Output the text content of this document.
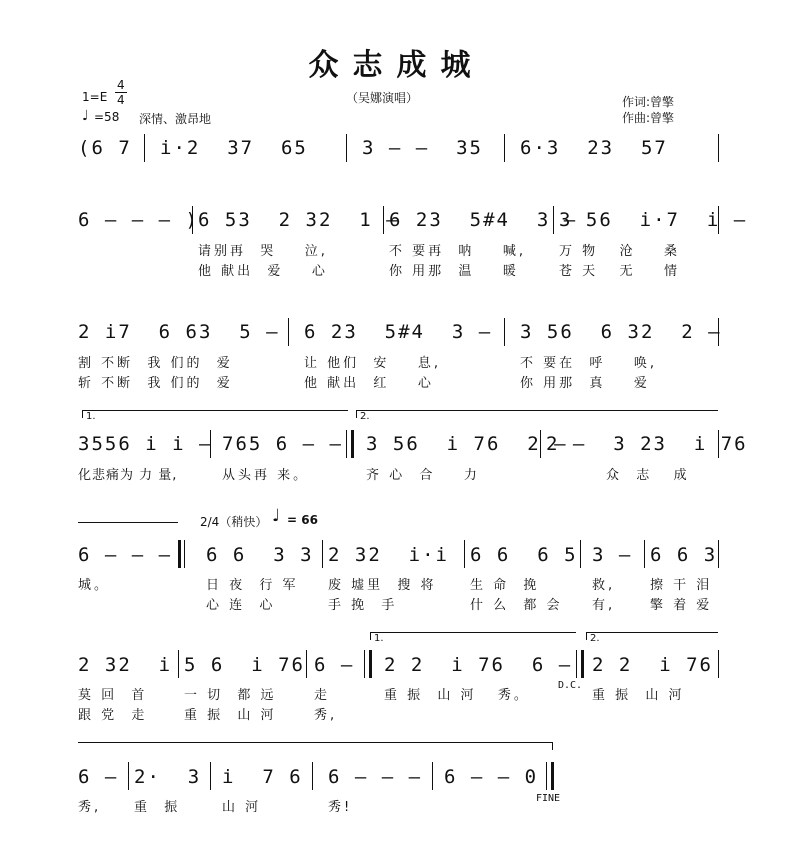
众志成城
（吴娜演唱）
1=E
4
4
♩ =58 深情、激昂地
作词:曾擎
作曲:曾擎
(6 7 i·2  37  65	3 — —  35 6·3  23  57
6 — — — ) 6 53  2 32  1 —
6 23  5#4  3 —
3 56  i·7  i —
请别再  哭    泣,	不 要再  呐    喊,	万 物   沧    桑
他 献出  爱    心	你 用那  温    暖	苍 天   无    情
2 i7  6 63  5 — 6 23  5#4  3 — 3 56  6 32  2 —
割 不断  我 们的  爱	让 他们  安    息,	不 要在  呼    唤,
斩 不断  我 们的  爱	他 献出  红    心	你 用那  真    爱
1.	2.
3556 i i — 765 6 — — 3 56  i 76  2 —
2 —  3 23  i 76
化悲痛为 力 量,	从头再 来。	齐 心  合    力	众  志   成
2/4（稍快） ♩ = 66
6 — — — 6 6  3 3 2 32  i·i 6 6  6 5 3 — 6 6 3
城。	日 夜  行 军 废 墟里  搜 将	生 命  挽	救,	擦 干 泪
心 连  心	手 挽  手	什 么  都 会 有,	擎 着 爱
1.	2.
2 32  i 5 6  i 76 6 — 2 2  i 76  6 — 2 2  i 76
莫 回  首	一 切  都 远	走	重 振  山 河   秀。
D.C.
重 振  山 河
跟 党  走	重 振  山 河	秀,
6 — 2·  3 i  7 6 6 — — — 6 — — 0
FINE
秀,	重  振	山 河	秀!
